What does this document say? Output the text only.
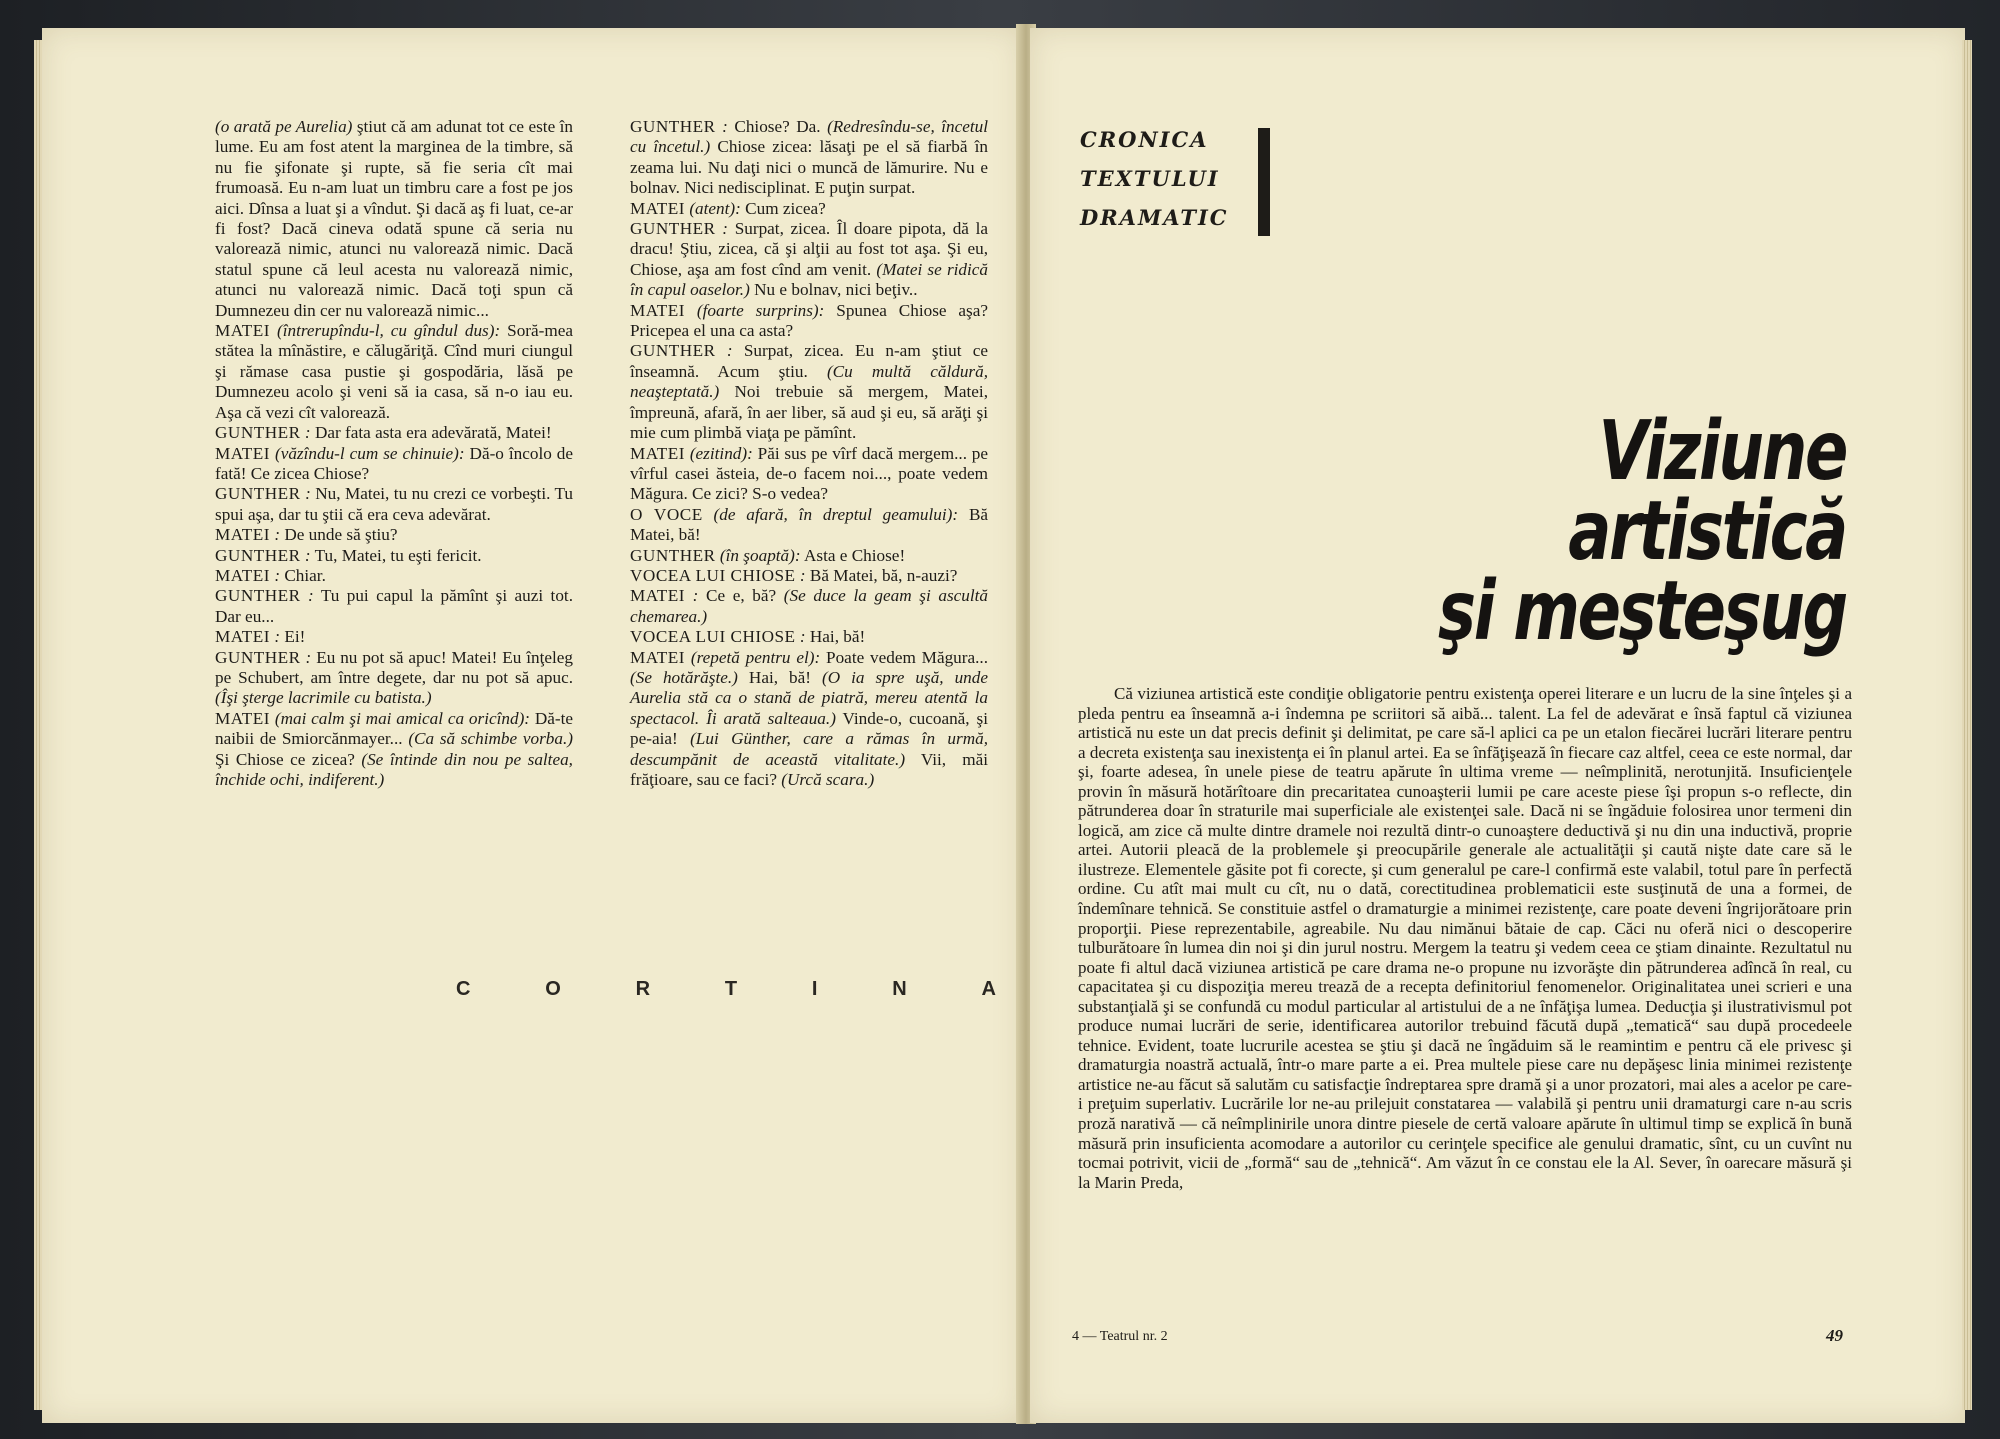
(o arată pe Aurelia) ştiut că am adunat tot ce este în lume. Eu am fost atent la marginea de la timbre, să nu fie şifonate şi rupte, să fie seria cît mai frumoasă. Eu n-am luat un timbru care a fost pe jos aici. Dînsa a luat şi a vîndut. Şi dacă aş fi luat, ce-ar fi fost? Dacă cineva odată spune că seria nu valorează nimic, atunci nu valorează nimic. Dacă statul spune că leul acesta nu valorează nimic, atunci nu valorează nimic. Dacă toţi spun că Dumnezeu din cer nu valorează nimic...

MATEI (întrerupîndu-l, cu gîndul dus): Soră-mea stătea la mînăstire, e călugăriţă. Cînd muri ciungul şi rămase casa pustie şi gospodăria, lăsă pe Dumnezeu acolo şi veni să ia casa, să n-o iau eu. Aşa că vezi cît valorează.

GUNTHER : Dar fata asta era adevărată, Matei!

MATEI (văzîndu-l cum se chinuie): Dă-o încolo de fată! Ce zicea Chiose?

GUNTHER : Nu, Matei, tu nu crezi ce vorbeşti. Tu spui aşa, dar tu ştii că era ceva adevărat.

MATEI : De unde să ştiu?

GUNTHER : Tu, Matei, tu eşti fericit.

MATEI : Chiar.

GUNTHER : Tu pui capul la pămînt şi auzi tot. Dar eu...

MATEI : Ei!

GUNTHER : Eu nu pot să apuc! Matei! Eu înţeleg pe Schubert, am între degete, dar nu pot să apuc. (Îşi şterge lacrimile cu batista.)

MATEI (mai calm şi mai amical ca oricînd): Dă-te naibii de Smiorcănmayer... (Ca să schimbe vorba.) Şi Chiose ce zicea? (Se întinde din nou pe saltea, închide ochi, indiferent.)

GUNTHER : Chiose? Da. (Redresîndu-se, încetul cu încetul.) Chiose zicea: lăsaţi pe el să fiarbă în zeama lui. Nu daţi nici o muncă de lămurire. Nu e bolnav. Nici nedisciplinat. E puţin surpat.

MATEI (atent): Cum zicea?

GUNTHER : Surpat, zicea. Îl doare pipota, dă la dracu! Ştiu, zicea, că şi alţii au fost tot aşa. Şi eu, Chiose, aşa am fost cînd am venit. (Matei se ridică în capul oaselor.) Nu e bolnav, nici beţiv..

MATEI (foarte surprins): Spunea Chiose aşa? Pricepea el una ca asta?

GUNTHER : Surpat, zicea. Eu n-am ştiut ce înseamnă. Acum ştiu. (Cu multă căldură, neaşteptată.) Noi trebuie să mergem, Matei, împreună, afară, în aer liber, să aud şi eu, să arăţi şi mie cum plimbă viaţa pe pămînt.

MATEI (ezitind): Păi sus pe vîrf dacă mergem... pe vîrful casei ăsteia, de-o facem noi..., poate vedem Măgura. Ce zici? S-o vedea?

O VOCE (de afară, în dreptul geamului): Bă Matei, bă!

GUNTHER (în şoaptă): Asta e Chiose!

VOCEA LUI CHIOSE : Bă Matei, bă, n-auzi?

MATEI : Ce e, bă? (Se duce la geam şi ascultă chemarea.)

VOCEA LUI CHIOSE : Hai, bă!

MATEI (repetă pentru el): Poate vedem Măgura... (Se hotărăşte.) Hai, bă! (O ia spre uşă, unde Aurelia stă ca o stană de piatră, mereu atentă la spectacol. Îi arată salteaua.) Vinde-o, cucoană, şi pe-aia! (Lui Günther, care a rămas în urmă, descumpănit de această vitalitate.) Vii, măi frăţioare, sau ce faci? (Urcă scara.)

C	O	R	T	I	N	A
CRONICA
TEXTULUI
DRAMATIC
Viziune artistică
şi meşteşug

Că viziunea artistică este condiţie obligatorie pentru existenţa operei literare e un lucru de la sine înţeles şi a pleda pentru ea înseamnă a-i îndemna pe scriitori să aibă... talent. La fel de adevărat e însă faptul că viziunea artistică nu este un dat precis definit şi delimitat, pe care să-l aplici ca pe un etalon fiecărei lucrări literare pentru a decreta existenţa sau inexistenţa ei în planul artei. Ea se înfăţişează în fiecare caz altfel, ceea ce este normal, dar şi, foarte adesea, în unele piese de teatru apărute în ultima vreme — neîmplinită, nerotunjită. Insuficienţele provin în măsură hotărîtoare din precaritatea cunoaşterii lumii pe care aceste piese îşi propun s-o reflecte, din pătrunderea doar în straturile mai superficiale ale existenţei sale. Dacă ni se îngăduie folosirea unor termeni din logică, am zice că multe dintre dramele noi rezultă dintr-o cunoaştere deductivă şi nu din una inductivă, proprie artei. Autorii pleacă de la problemele şi preocupările generale ale actualităţii şi caută nişte date care să le ilustreze. Elementele găsite pot fi corecte, şi cum generalul pe care-l confirmă este valabil, totul pare în perfectă ordine. Cu atît mai mult cu cît, nu o dată, corectitudinea problematicii este susţinută de una a formei, de îndemînare tehnică. Se constituie astfel o dramaturgie a minimei rezistenţe, care poate deveni îngrijorătoare prin proporţii. Piese reprezentabile, agreabile. Nu dau nimănui bătaie de cap. Căci nu oferă nici o descoperire tulburătoare în lumea din noi şi din jurul nostru. Mergem la teatru şi vedem ceea ce ştiam dinainte. Rezultatul nu poate fi altul dacă viziunea artistică pe care drama ne-o propune nu izvorăşte din pătrunderea adîncă în real, cu capacitatea şi cu dispoziţia mereu trează de a recepta definitoriul fenomenelor. Originalitatea unei scrieri e una substanţială şi se confundă cu modul particular al artistului de a ne înfăţişa lumea. Deducţia şi ilustrativismul pot produce numai lucrări de serie, identificarea autorilor trebuind făcută după „tematică“ sau după procedeele tehnice. Evident, toate lucrurile acestea se ştiu şi dacă ne îngăduim să le reamintim e pentru că ele privesc şi dramaturgia noastră actuală, într-o mare parte a ei. Prea multele piese care nu depăşesc linia minimei rezistenţe artistice ne-au făcut să salutăm cu satisfacţie îndreptarea spre dramă şi a unor prozatori, mai ales a acelor pe care-i preţuim superlativ. Lucrările lor ne-au prilejuit constatarea — valabilă şi pentru unii dramaturgi care n-au scris proză narativă — că neîmplinirile unora dintre piesele de certă valoare apărute în ultimul timp se explică în bună măsură prin insuficienta acomodare a autorilor cu cerinţele specifice ale genului dramatic, sînt, cu un cuvînt nu tocmai potrivit, vicii de „formă“ sau de „tehnică“. Am văzut în ce constau ele la Al. Sever, în oarecare măsură şi la Marin Preda,

4 — Teatrul nr. 2	49
